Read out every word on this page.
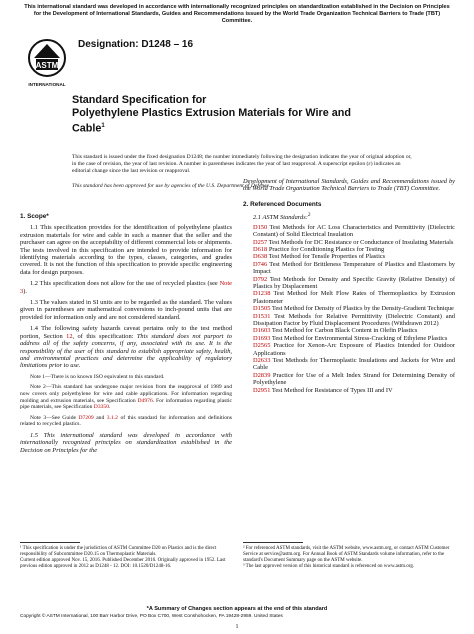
This international standard was developed in accordance with internationally recognized principles on standardization established in the Decision on Principles for the Development of International Standards, Guides and Recommendations issued by the World Trade Organization Technical Barriers to Trade (TBT) Committee.
ASTM
INTERNATIONAL
Designation: D1248 – 16
Standard Specification for
Polyethylene Plastics Extrusion Materials for Wire and
Cable$^1$
This standard is issued under the fixed designation D1248; the number immediately following the designation indicates the year of original adoption or, in the case of revision, the year of last revision. A number in parentheses indicates the year of last reapproval. A superscript epsilon (ε) indicates an editorial change since the last revision or reapproval.
This standard has been approved for use by agencies of the U.S. Department of Defense.
1. Scope*

1.1 This specification provides for the identification of polyethylene plastics extrusion materials for wire and cable in such a manner that the seller and the purchaser can agree on the acceptability of different commercial lots or shipments. The tests involved in this specification are intended to provide information for identifying materials according to the types, classes, categories, and grades covered. It is not the function of this specification to provide specific engineering data for design purposes.

1.2 This specification does not allow for the use of recycled plastics (see Note 3).

1.3 The values stated in SI units are to be regarded as the standard. The values given in parentheses are mathematical conversions to inch-pound units that are provided for information only and are not considered standard.

1.4 The following safety hazards caveat pertains only to the test method portion, Section 12, of this specification: This standard does not purport to address all of the safety concerns, if any, associated with its use. It is the responsibility of the user of this standard to establish appropriate safety, health, and environmental practices and determine the applicability of regulatory limitations prior to use.

Note 1—There is no known ISO equivalent to this standard.

Note 2—This standard has undergone major revision from the reapproval of 1989 and now covers only polyethylene for wire and cable applications. For information regarding molding and extrusion materials, see Specification D4976. For information regarding plastic pipe materials, see Specification D3350.

Note 3—See Guide D7209 and 3.1.2 of this standard for information and definitions related to recycled plastics.

1.5 This international standard was developed in accordance with internationally recognized principles on standardization established in the Decision on Principles for the

Development of International Standards, Guides and Recommendations issued by the World Trade Organization Technical Barriers to Trade (TBT) Committee.

2. Referenced Documents
2.1 ASTM Standards:$^2$
D150 Test Methods for AC Loss Characteristics and Permittivity (Dielectric Constant) of Solid Electrical Insulation
D257 Test Methods for DC Resistance or Conductance of Insulating Materials
D618 Practice for Conditioning Plastics for Testing
D638 Test Method for Tensile Properties of Plastics
D746 Test Method for Brittleness Temperature of Plastics and Elastomers by Impact
D792 Test Methods for Density and Specific Gravity (Relative Density) of Plastics by Displacement
D1238 Test Method for Melt Flow Rates of Thermoplastics by Extrusion Plastometer
D1505 Test Method for Density of Plastics by the Density-Gradient Technique
D1531 Test Methods for Relative Permittivity (Dielectric Constant) and Dissipation Factor by Fluid Displacement Procedures (Withdrawn 2012)
D1603 Test Method for Carbon Black Content in Olefin Plastics
D1693 Test Method for Environmental Stress-Cracking of Ethylene Plastics
D2565 Practice for Xenon-Arc Exposure of Plastics Intended for Outdoor Applications
D2633 Test Methods for Thermoplastic Insulations and Jackets for Wire and Cable
D2839 Practice for Use of a Melt Index Strand for Determining Density of Polyethylene
D2951 Test Method for Resistance of Types III and IV
¹ This specification is under the jurisdiction of ASTM Committee D20 on Plastics and is the direct responsibility of Subcommittee D20.15 on Thermoplastic Materials.
Current edition approved Nov. 15, 2016. Published December 2016. Originally approved in 1952. Last previous edition approved in 2012 as D1248 - 12. DOI: 10.1520/D1248-16.
² For referenced ASTM standards, visit the ASTM website, www.astm.org, or contact ASTM Customer Service at service@astm.org. For Annual Book of ASTM Standards volume information, refer to the standard's Document Summary page on the ASTM website.
³ The last approved version of this historical standard is referenced on www.astm.org.
*A Summary of Changes section appears at the end of this standard
Copyright © ASTM International, 100 Barr Harbor Drive, PO Box C700, West Conshohocken, PA 19428-2959. United States
1
